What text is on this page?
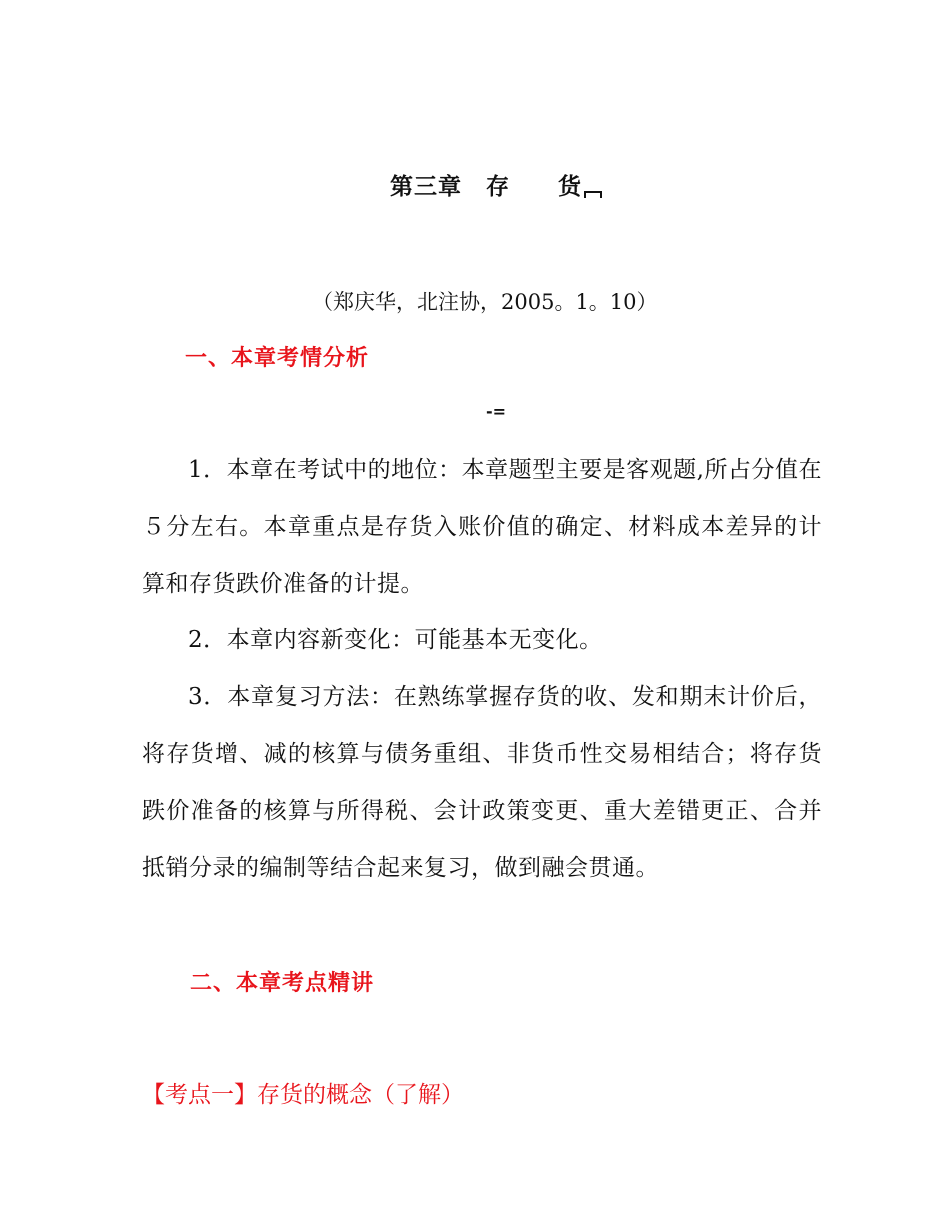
第三章 存 货
（郑庆华，北注协，2005。1。10）
一、本章考情分析
-=
1．本章在考试中的地位：本章题型主要是客观题,所占分值在５分左右。本章重点是存货入账价值的确定、材料成本差异的计算和存货跌价准备的计提。
2．本章内容新变化：可能基本无变化。
3．本章复习方法：在熟练掌握存货的收、发和期末计价后，将存货增、减的核算与债务重组、非货币性交易相结合；将存货跌价准备的核算与所得税、会计政策变更、重大差错更正、合并抵销分录的编制等结合起来复习，做到融会贯通。
二、本章考点精讲
【考点一】存货的概念（了解）
